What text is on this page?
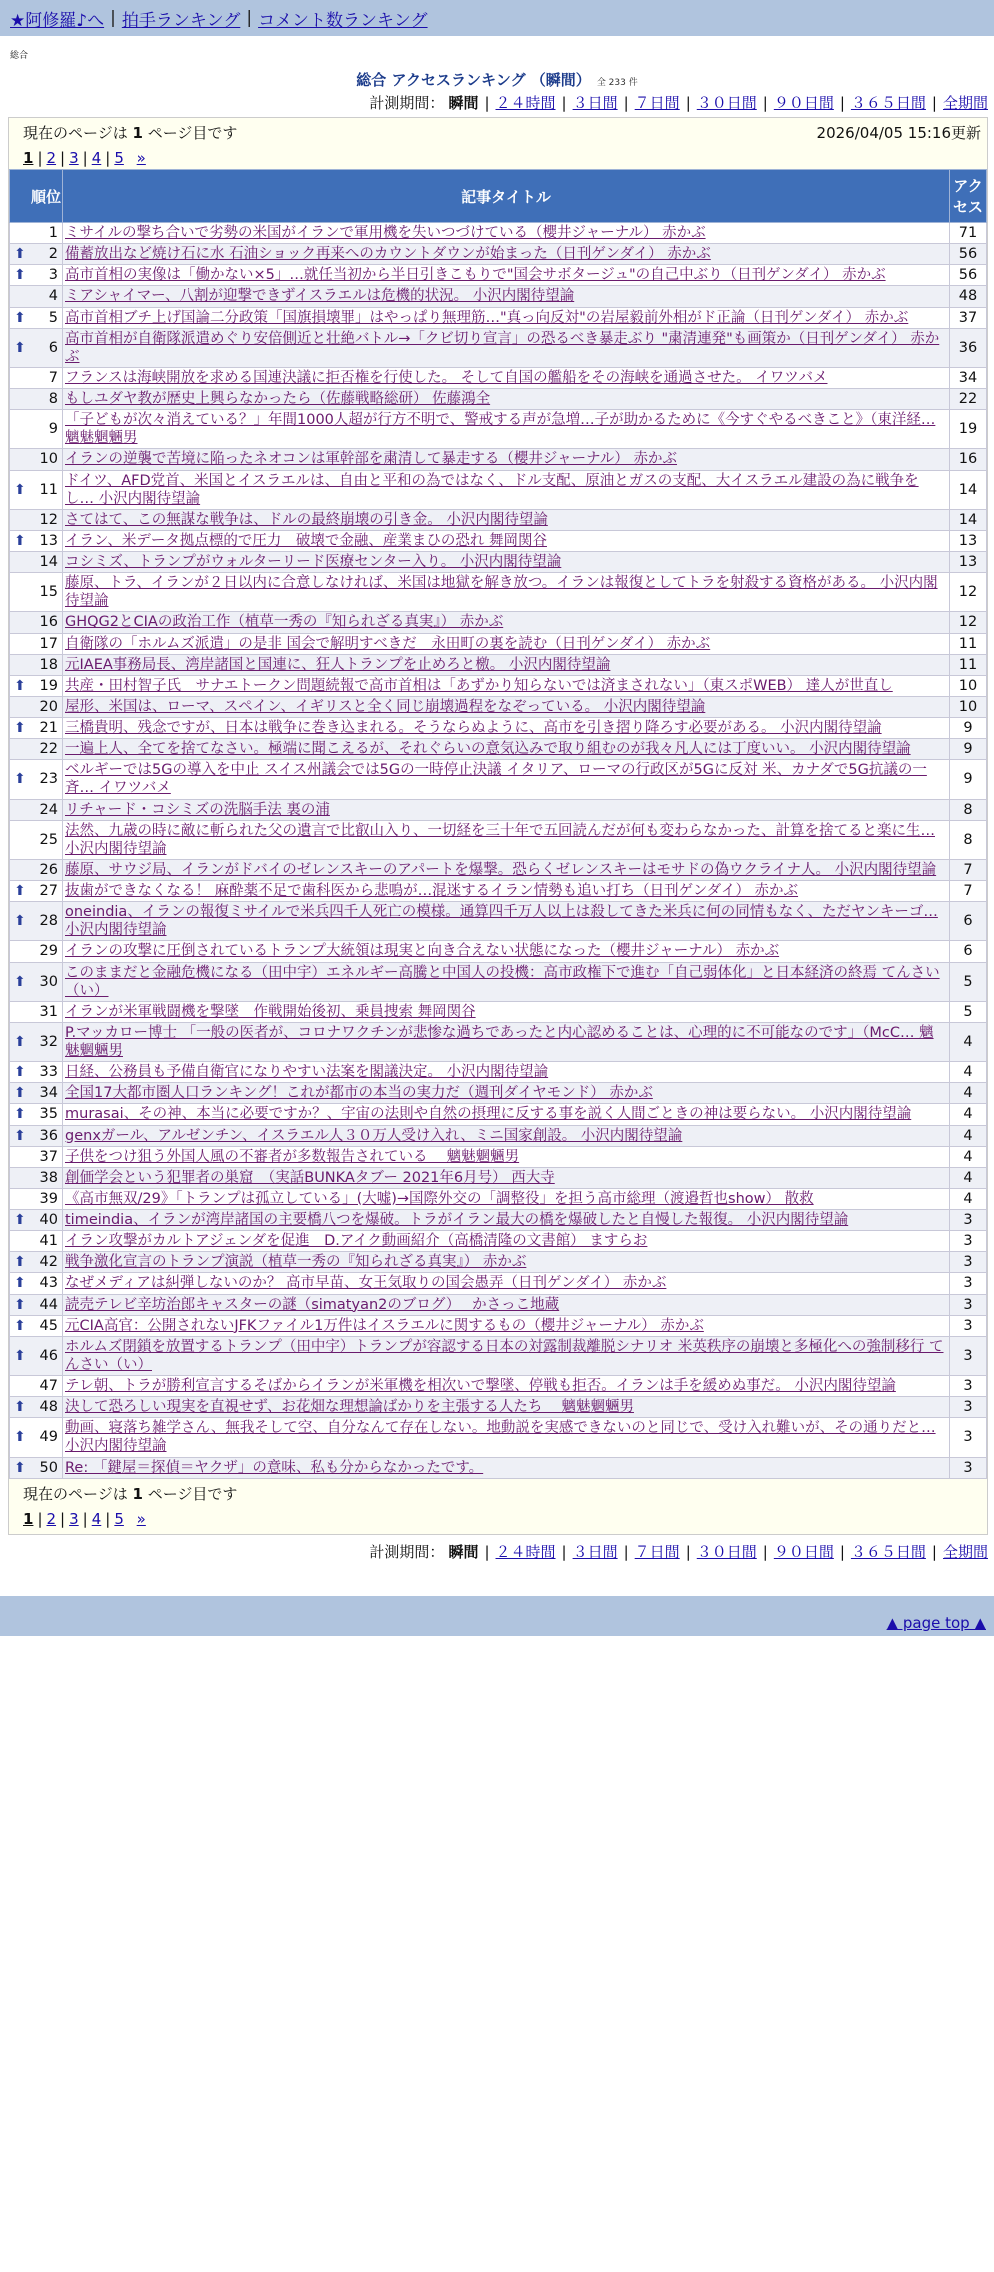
★阿修羅♪へ | 拍手ランキング | コメント数ランキング
総合
総合 アクセスランキング （瞬間） 全 233 件
計測期間： 瞬間 | ２４時間 | ３日間 | ７日間 | ３０日間 | ９０日間 | ３６５日間 | 全期間
現在のページは 1 ページ目です	2026/04/05 15:16更新
1 | 2 | 3 | 4 | 5 »
順位	記事タイトル	アクセス
1	ミサイルの撃ち合いで劣勢の米国がイランで軍用機を失いつづけている（櫻井ジャーナル） 赤かぶ	71

⬆ 2	備蓄放出など焼け石に水 石油ショック再来へのカウントダウンが始まった（日刊ゲンダイ） 赤かぶ	56

⬆ 3	高市首相の実像は「働かない×5」…就任当初から半日引きこもりで"国会サボタージュ"の自己中ぶり（日刊ゲンダイ） 赤かぶ	56
4	ミアシャイマー、八割が迎撃できずイスラエルは危機的状況。 小沢内閣待望論	48

⬆ 5	高市首相ブチ上げ国論二分政策「国旗損壊罪」はやっぱり無理筋…"真っ向反対"の岩屋毅前外相がド正論（日刊ゲンダイ） 赤かぶ	37

⬆ 6	高市首相が自衛隊派遣めぐり安倍側近と壮絶バトル→「クビ切り宣言」の恐るべき暴走ぶり "粛清連発"も画策か（日刊ゲンダイ） 赤かぶ	36
7	フランスは海峡開放を求める国連決議に拒否権を行使した。 そして自国の艦船をその海峡を通過させた。 イワツバメ	34
8	もしユダヤ教が歴史上興らなかったら（佐藤戦略総研） 佐藤鴻全	22
9	「子どもが次々消えている？」年間1000人超が行方不明で、警戒する声が急増…子が助かるために《今すぐやるべきこと》（東洋経… 魑魅魍魎男	19
10	イランの逆襲で苦境に陥ったネオコンは軍幹部を粛清して暴走する（櫻井ジャーナル） 赤かぶ	16

⬆ 11	ドイツ、AFD党首、米国とイスラエルは、自由と平和の為ではなく、ドル支配、原油とガスの支配、大イスラエル建設の為に戦争をし… 小沢内閣待望論	14
12	さてはて、この無謀な戦争は、ドルの最終崩壊の引き金。 小沢内閣待望論	14

⬆ 13	イラン、米データ拠点標的で圧力　破壊で金融、産業まひの恐れ 舞岡関谷	13
14	コシミズ、トランプがウォルターリード医療センター入り。 小沢内閣待望論	13
15	藤原、トラ、イランが２日以内に合意しなければ、米国は地獄を解き放つ。イランは報復としてトラを射殺する資格がある。 小沢内閣待望論	12
16	GHQG2とCIAの政治工作（植草一秀の『知られざる真実』） 赤かぶ	12
17	自衛隊の「ホルムズ派遣」の是非 国会で解明すべきだ　永田町の裏を読む（日刊ゲンダイ） 赤かぶ	11
18	元IAEA事務局長、湾岸諸国と国連に、狂人トランプを止めろと檄。 小沢内閣待望論	11

⬆ 19	共産・田村智子氏　サナエトークン問題続報で高市首相は「あずかり知らないでは済まされない」（東スポWEB） 達人が世直し	10
20	屋形、米国は、ローマ、スペイン、イギリスと全く同じ崩壊過程をなぞっている。 小沢内閣待望論	10

⬆ 21	三橋貴明、残念ですが、日本は戦争に巻き込まれる。そうならぬように、高市を引き摺り降ろす必要がある。 小沢内閣待望論	9
22	一遍上人、全てを捨てなさい。極端に聞こえるが、それぐらいの意気込みで取り組むのが我々凡人には丁度いい。 小沢内閣待望論	9

⬆ 23	ベルギーでは5Gの導入を中止 スイス州議会では5Gの一時停止決議 イタリア、ローマの行政区が5Gに反対 米、カナダで5G抗議の一斉… イワツバメ	9
24	リチャード・コシミズの洗脳手法 裏の浦	8
25	法然、九歳の時に敵に斬られた父の遺言で比叡山入り、一切経を三十年で五回読んだが何も変わらなかった、計算を捨てると楽に生… 小沢内閣待望論	8
26	藤原、サウジ局、イランがドバイのゼレンスキーのアパートを爆撃。恐らくゼレンスキーはモサドの偽ウクライナ人。 小沢内閣待望論	7

⬆ 27	抜歯ができなくなる！ 麻酔薬不足で歯科医から悲鳴が…混迷するイラン情勢も追い打ち（日刊ゲンダイ） 赤かぶ	7

⬆ 28	oneindia、イランの報復ミサイルで米兵四千人死亡の模様。通算四千万人以上は殺してきた米兵に何の同情もなく、ただヤンキーゴ… 小沢内閣待望論	6
29	イランの攻撃に圧倒されているトランプ大統領は現実と向き合えない状態になった（櫻井ジャーナル） 赤かぶ	6

⬆ 30	このままだと金融危機になる（田中宇）エネルギー高騰と中国人の投機：高市政権下で進む「自己弱体化」と日本経済の終焉 てんさい（い）	5
31	イランが米軍戦闘機を撃墜　作戦開始後初、乗員捜索 舞岡関谷	5

⬆ 32	P.マッカロー博士 「一般の医者が、コロナワクチンが悲惨な過ちであったと内心認めることは、心理的に不可能なのです」（McC… 魑魅魍魎男	4

⬆ 33	日経、公務員も予備自衛官になりやすい法案を閣議決定。 小沢内閣待望論	4

⬆ 34	全国17大都市圏人口ランキング！これが都市の本当の実力だ（週刊ダイヤモンド） 赤かぶ	4

⬆ 35	murasai、その神、本当に必要ですか？、宇宙の法則や自然の摂理に反する事を説く人間ごときの神は要らない。 小沢内閣待望論	4

⬆ 36	genxガール、アルゼンチン、イスラエル人３０万人受け入れ、ミニ国家創設。 小沢内閣待望論	4
37	子供をつけ狙う外国人風の不審者が多数報告されている　 魑魅魍魎男	4
38	創価学会という犯罪者の巣窟　（実話BUNKAタブー 2021年6月号） 西大寺	4
39	《高市無双/29》「トランプは孤立している」(大嘘)→国際外交の「調整役」を担う高市総理（渡邉哲也show） 散救	4

⬆ 40	timeindia、イランが湾岸諸国の主要橋八つを爆破。トラがイラン最大の橋を爆破したと自慢した報復。 小沢内閣待望論	3
41	イラン攻撃がカルトアジェンダを促進　D.アイク動画紹介（高橋清隆の文書館） ますらお	3

⬆ 42	戦争激化宣言のトランプ演説（植草一秀の『知られざる真実』） 赤かぶ	3

⬆ 43	なぜメディアは糾弾しないのか？ 高市早苗、女王気取りの国会愚弄（日刊ゲンダイ） 赤かぶ	3

⬆ 44	読売テレビ辛坊治郎キャスターの謎（simatyan2のブログ）　 かさっこ地蔵	3

⬆ 45	元CIA高官：公開されないJFKファイル1万件はイスラエルに関するもの（櫻井ジャーナル） 赤かぶ	3

⬆ 46	ホルムズ閉鎖を放置するトランプ（田中宇）トランプが容認する日本の対露制裁離脱シナリオ 米英秩序の崩壊と多極化への強制移行 てんさい（い）	3
47	テレ朝、トラが勝利宣言するそばからイランが米軍機を相次いで撃墜、停戦も拒否。イランは手を緩めぬ事だ。 小沢内閣待望論	3

⬆ 48	決して恐ろしい現実を直視せず、お花畑な理想論ばかりを主張する人たち　 魑魅魍魎男	3

⬆ 49	動画、寝落ち雑学さん、無我そして空、自分なんて存在しない。地動説を実感できないのと同じで、受け入れ難いが、その通りだと… 小沢内閣待望論	3

⬆ 50	Re: 「鍵屋＝探偵＝ヤクザ」の意味、私も分からなかったです。	3
現在のページは 1 ページ目です
1 | 2 | 3 | 4 | 5 »
計測期間： 瞬間 | ２４時間 | ３日間 | ７日間 | ３０日間 | ９０日間 | ３６５日間 | 全期間
▲ page top ▲
